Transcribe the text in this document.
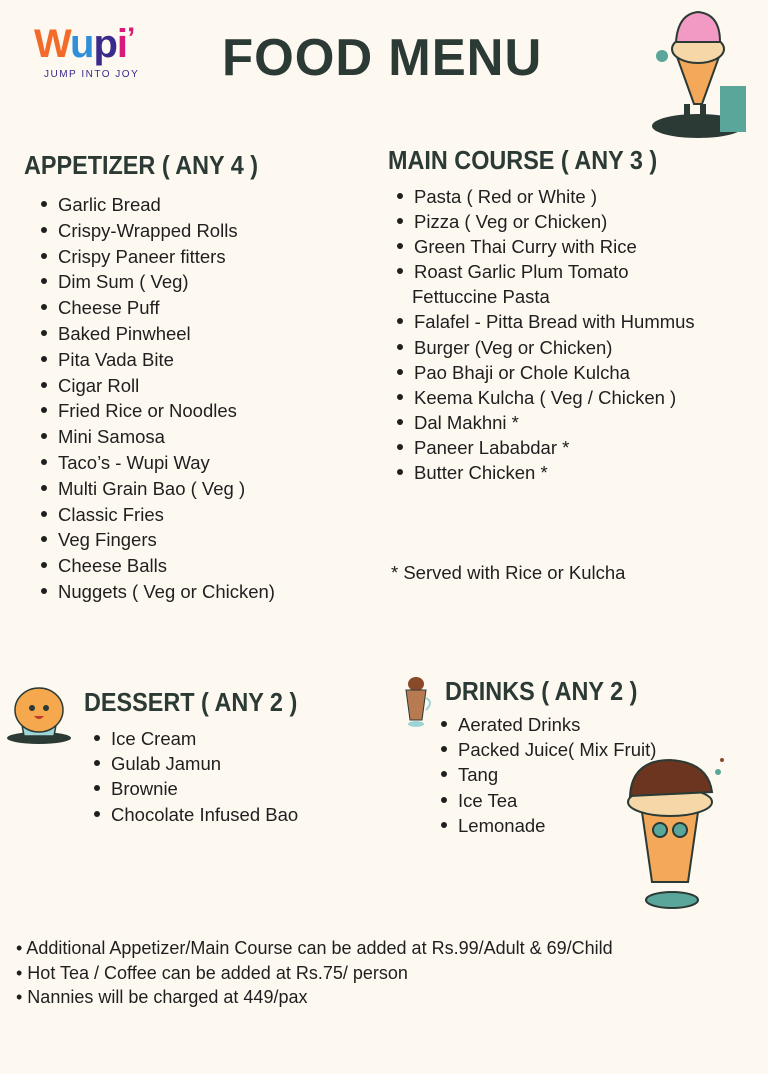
Wupi’
JUMP INTO JOY FOOD MENU
APPETIZER ( ANY 4 )
Garlic Bread
Crispy-Wrapped Rolls
Crispy Paneer fitters
Dim Sum ( Veg)
Cheese Puff
Baked Pinwheel
Pita Vada Bite
Cigar Roll
Fried Rice or Noodles
Mini Samosa
Taco’s - Wupi Way
Multi Grain Bao ( Veg )
Classic Fries
Veg Fingers
Cheese Balls
Nuggets ( Veg or Chicken)
MAIN COURSE ( ANY 3 )
Pasta ( Red or White )
Pizza ( Veg or Chicken)
Green Thai Curry with Rice
Roast Garlic Plum Tomato
Fettuccine Pasta
Falafel - Pitta Bread with Hummus
Burger (Veg or Chicken)
Pao Bhaji or Chole Kulcha
Keema Kulcha ( Veg / Chicken )
Dal Makhni *
Paneer Lababdar *
Butter Chicken *
* Served with Rice or Kulcha
DESSERT ( ANY 2 )
Ice Cream
Gulab Jamun
Brownie
Chocolate Infused Bao
DRINKS ( ANY 2 )
Aerated Drinks
Packed Juice( Mix Fruit)
Tang
Ice Tea
Lemonade
• Additional Appetizer/Main Course can be added at Rs.99/Adult & 69/Child
• Hot Tea / Coffee can be added at Rs.75/ person
• Nannies will be charged at 449/pax
